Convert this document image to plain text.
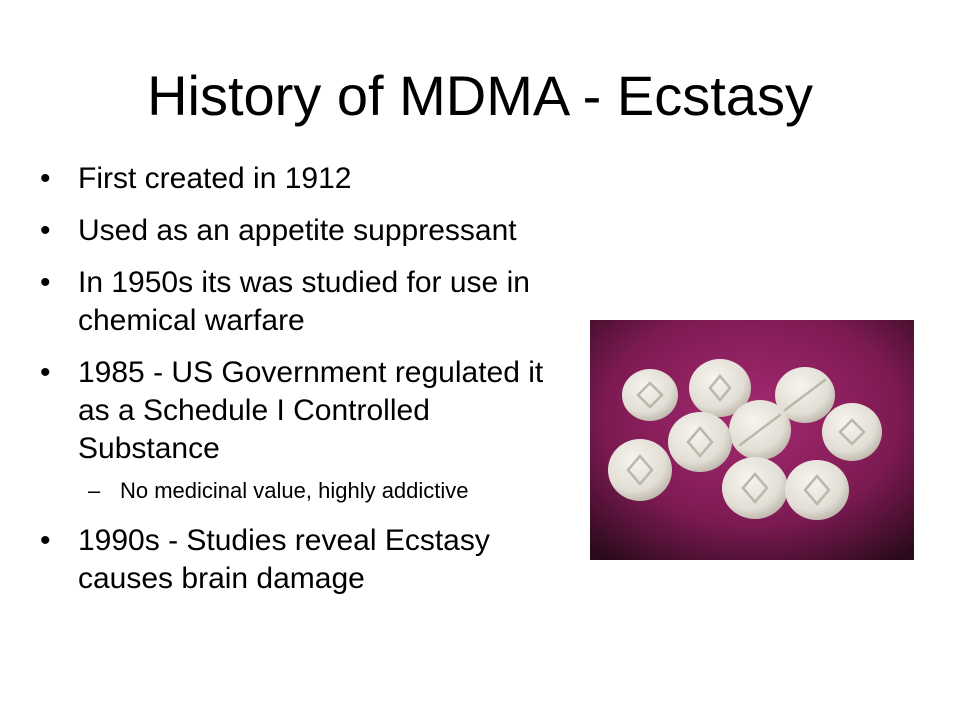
History of MDMA - Ecstasy
• First created in 1912
• Used as an appetite suppressant
• In 1950s its was studied for use in chemical warfare
• 1985 - US Government regulated it as a Schedule I Controlled Substance
– No medicinal value, highly addictive
• 1990s - Studies reveal Ecstasy causes brain damage
